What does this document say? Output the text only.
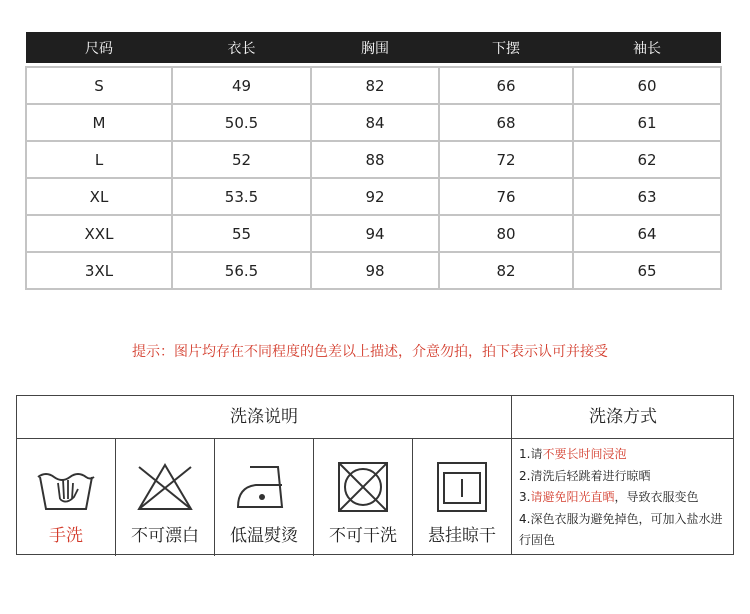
尺码	衣长	胸围	下摆	袖长

S	49	82	66	60
M	50.5	84	68	61
L	52	88	72	62
XL	53.5	92	76	63
XXL	55	94	80	64
3XL	56.5	98	82	65
提示：图片均存在不同程度的色差以上描述，介意勿拍，拍下表示认可并接受
洗涤说明	洗涤方式
手洗	不可漂白	低温熨烫	不可干洗	悬挂晾干
1.请不要长时间浸泡
2.清洗后轻跳着进行晾晒
3.请避免阳光直晒，导致衣服变色
4.深色衣服为避免掉色，可加入盐水进行固色
